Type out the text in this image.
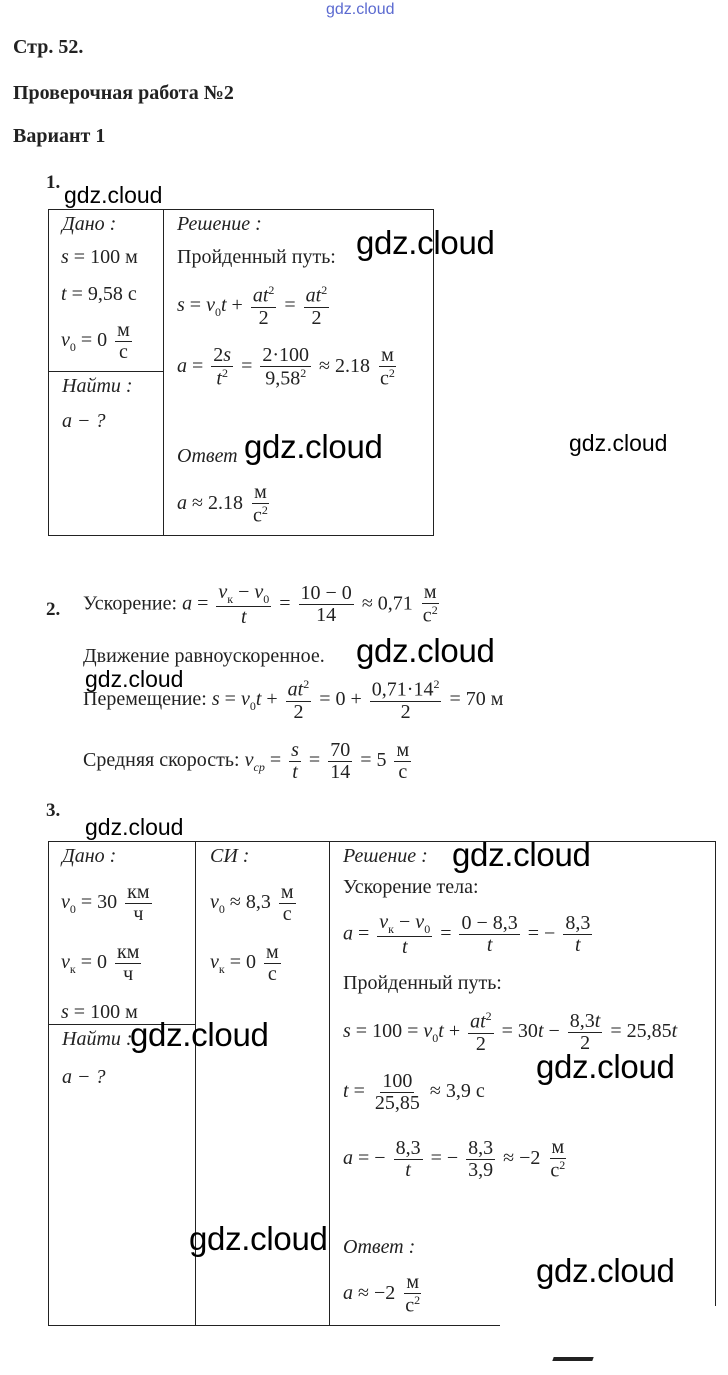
gdz.cloud
Стр. 52.
Проверочная работа №2
Вариант 1
1.
Дано :
s = 100 м
t = 9,58 с
$v_0 = 0 \frac{м}{с}$
Найти :
a − ?
Решение :
Пройденный путь:
$s = v_0t + \frac{at^2}{2} = \frac{at^2}{2}$
$a = \frac{2s}{t^2} = \frac{2\cdot 100}{9,58^2} \approx 2.18 \frac{м}{с^2}$
Ответ
$a \approx 2.18 \frac{м}{с^2}$
2. Ускорение: $a = \frac{v_к - v_0}{t} = \frac{10 - 0}{14} \approx 0,71 \frac{м}{с^2}$
Движение равноускоренное.
Перемещение: $s = v_0t + \frac{at^2}{2} = 0 + \frac{0,71\cdot 14^2}{2} = 70$ м
Средняя скорость: $v_{ср} = \frac{s}{t} = \frac{70}{14} = 5 \frac{м}{с}$
3.
Дано :
$v_0 = 30 \frac{км}{ч}$
$v_к = 0 \frac{км}{ч}$
s = 100 м
Найти :
a − ?
СИ :
$v_0 \approx 8,3 \frac{м}{с}$
$v_к = 0 \frac{м}{с}$
Решение :
Ускорение тела:
$a = \frac{v_к - v_0}{t} = \frac{0 - 8,3}{t}$ = − $\frac{8,3}{t}$
Пройденный путь:
$s = 100 = v_0t + \frac{at^2}{2} = 30t - \frac{8,3t}{2} = 25,85t$
$t = \frac{100}{25,85} \approx 3,9$ с
a = − $\frac{8,3}{t}$ = − $\frac{8,3}{3,9} \approx -2 \frac{м}{с^2}$
Ответ :
$a \approx -2 \frac{м}{с^2}$
gdz.cloud
gdz.cloud
gdz.cloud	gdz.cloud
gdz.cloud
gdz.cloud
gdz.cloud
gdz.cloud
gdz.cloud
gdz.cloud
gdz.cloud
gdz.cloud
